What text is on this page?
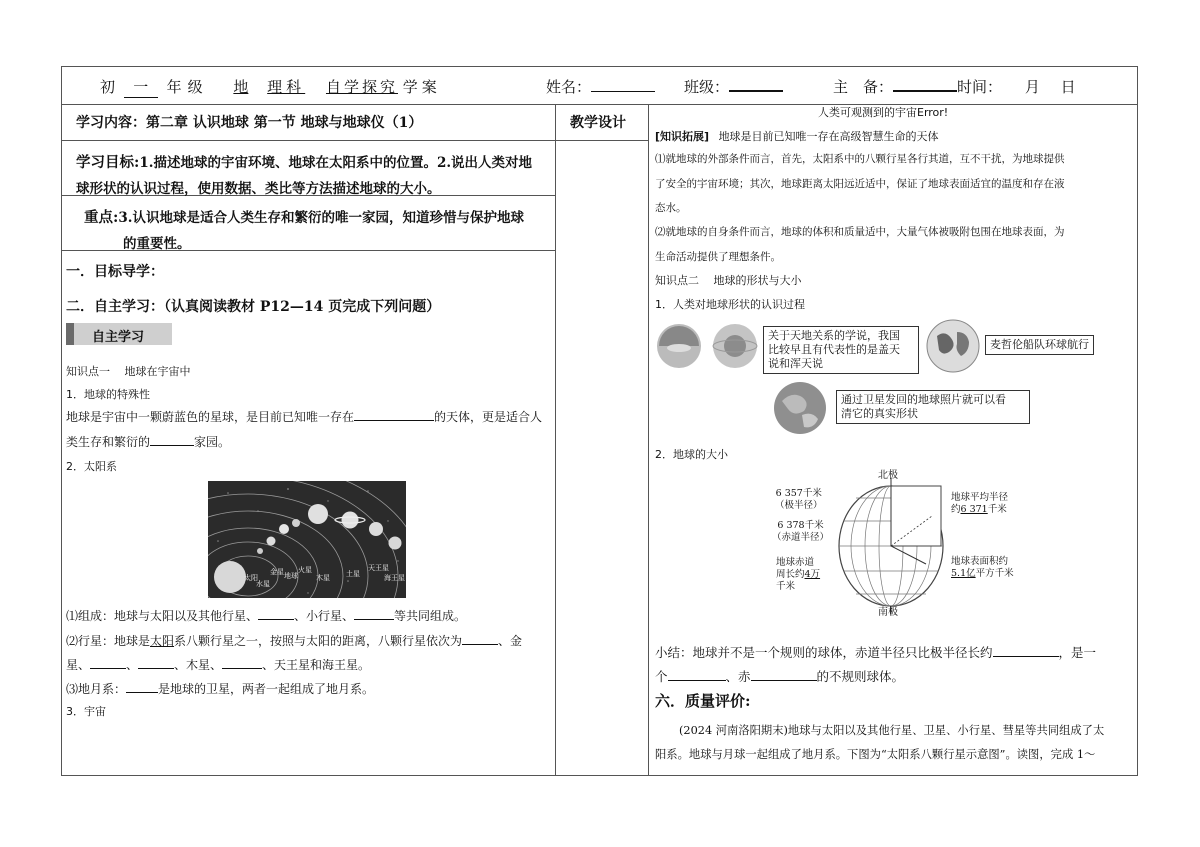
初 一 年级 地 理科 自学探究 学案	姓名：	班级：	主　备：	时间： 月 日
学习内容：第二章 认识地球 第一节 地球与地球仪（1）	教学设计
学习目标:1.描述地球的宇宙环境、地球在太阳系中的位置。2.说出人类对地
球形状的认识过程，使用数据、类比等方法描述地球的大小。
重点:3.认识地球是适合人类生存和繁衍的唯一家园，知道珍惜与保护地球
的重要性。
一．目标导学：
二．自主学习：（认真阅读教材 P12—14 页完成下列问题）
自主学习
知识点一　 地球在宇宙中
1．地球的特殊性
地球是宇宙中一颗蔚蓝色的星球，是目前已知唯一存在	的天体，更是适合人
类生存和繁衍的	家园。
2．太阳系
太阳
水星
金星 地球
火星
木星 土星
天王星
海王星
⑴组成：地球与太阳以及其他行星、	、小行星、	等共同组成。
⑵行星：地球是太阳系八颗行星之一，按照与太阳的距离，八颗行星依次为	、金
星、	、	、木星、	、天王星和海王星。
⑶地月系：	是地球的卫星，两者一起组成了地月系。
3．宇宙
人类可观测到的宇宙Error!
[知识拓展] 地球是目前已知唯一存在高级智慧生命的天体
⑴就地球的外部条件而言，首先，太阳系中的八颗行星各行其道，互不干扰，为地球提供
了安全的宇宙环境；其次，地球距离太阳远近适中，保证了地球表面适宜的温度和存在液
态水。
⑵就地球的自身条件而言，地球的体积和质量适中，大量气体被吸附包围在地球表面，为
生命活动提供了理想条件。
知识点二　 地球的形状与大小
1．人类对地球形状的认识过程
关于天地关系的学说，我国
比较早且有代表性的是盖天
说和浑天说
麦哲伦船队环球航行
通过卫星发回的地球照片就可以看
清它的真实形状
2．地球的大小
北极
南极
6 357千米
（极半径）
6 378千米
（赤道半径）
地球赤道
周长约4万
千米
地球平均半径
约6 371千米
地球表面积约
5.1亿平方千米
小结：地球并不是一个规则的球体，赤道半径只比极半径长约	，是一
个	、赤	的不规则球体。
六．质量评价:
(2024 河南洛阳期末)地球与太阳以及其他行星、卫星、小行星、彗星等共同组成了太
阳系。地球与月球一起组成了地月系。下图为“太阳系八颗行星示意图”。读图，完成 1～
